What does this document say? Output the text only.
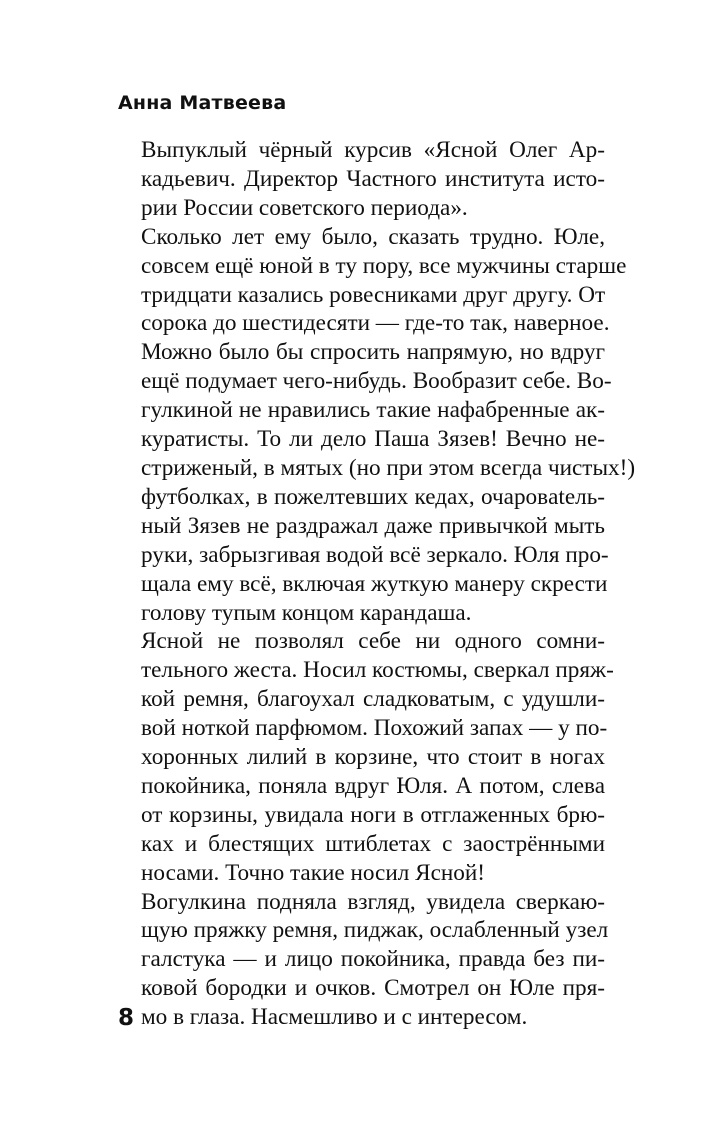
Анна Матвеева

Выпуклый чёрный курсив «Ясной Олег Ар-
кадьевич. Директор Частного института исто-
рии России советского периода».

Сколько лет ему было, сказать трудно. Юле,
совсем ещё юной в ту пору, все мужчины старше
тридцати казались ровесниками друг другу. От
сорока до шестидесяти — где-то так, наверное.
Можно было бы спросить напрямую, но вдруг
ещё подумает чего-нибудь. Вообразит себе. Во-
гулкиной не нравились такие нафабренные ак-
куратисты. То ли дело Паша Зязев! Вечно не-
стриженый, в мятых (но при этом всегда чистых!)
футболках, в пожелтевших кедах, очаровatель-
ный Зязев не раздражал даже привычкой мыть
руки, забрызгивая водой всё зеркало. Юля про-
щала ему всё, включая жуткую манеру скрести
голову тупым концом карандаша.

Ясной не позволял себе ни одного сомни-
тельного жеста. Носил костюмы, сверкал пряж-
кой ремня, благоухал сладковатым, с удушли-
вой ноткой парфюмом. Похожий запах — у по-
хоронных лилий в корзине, что стоит в ногах
покойника, поняла вдруг Юля. А потом, слева
от корзины, увидала ноги в отглаженных брю-
ках и блестящих штиблетах с заострёнными
носами. Точно такие носил Ясной!

Вогулкина подняла взгляд, увидела сверкаю-
щую пряжку ремня, пиджак, ослабленный узел
галстука — и лицо покойника, правда без пи-
ковой бородки и очков. Смотрел он Юле пря-
мо в глаза. Насмешливо и с интересом.

8
